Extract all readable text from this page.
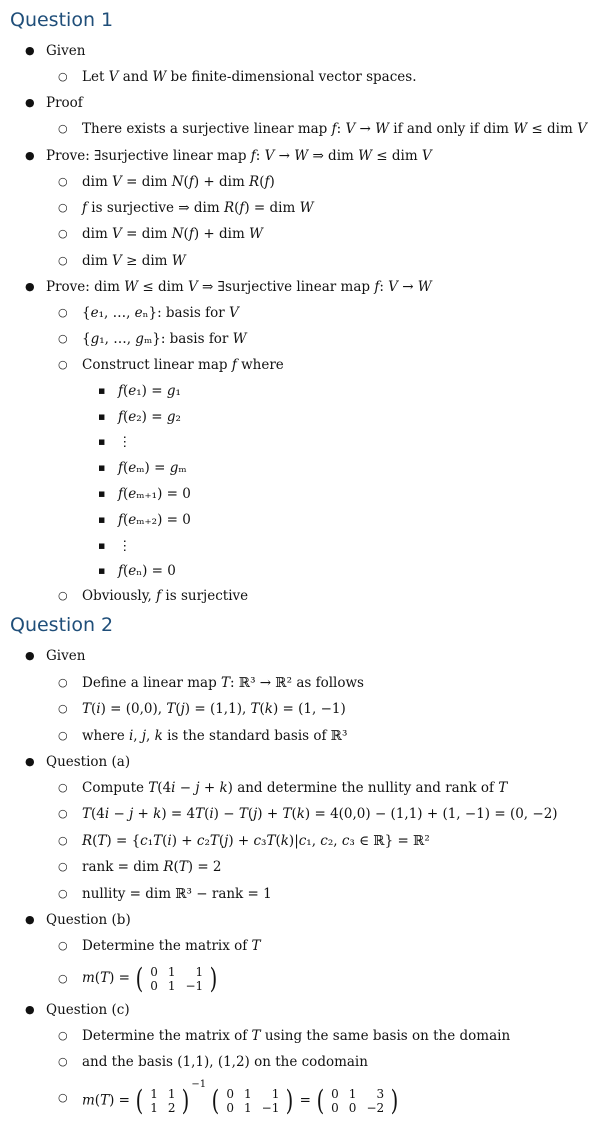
Question 1
● Given
○ Let 𝑉 and 𝑊 be finite-dimensional vector spaces.
● Proof
○ There exists a surjective linear map 𝑓: 𝑉 → 𝑊 if and only if dim 𝑊 ≤ dim 𝑉
● Prove: ∃surjective linear map 𝑓: 𝑉 → 𝑊 ⇒ dim 𝑊 ≤ dim 𝑉
○ dim 𝑉 = dim 𝑁(𝑓) + dim 𝑅(𝑓)
○ 𝑓 is surjective ⇒ dim 𝑅(𝑓) = dim 𝑊
○ dim 𝑉 = dim 𝑁(𝑓) + dim 𝑊
○ dim 𝑉 ≥ dim 𝑊
● Prove: dim 𝑊 ≤ dim 𝑉 ⇒ ∃surjective linear map 𝑓: 𝑉 → 𝑊
○ {𝑒₁, …, 𝑒ₙ}: basis for 𝑉
○ {𝑔₁, …, 𝑔ₘ}: basis for 𝑊
○ Construct linear map 𝑓 where
▪ 𝑓(𝑒₁) = 𝑔₁
▪ 𝑓(𝑒₂) = 𝑔₂
▪ ⋮
▪ 𝑓(𝑒ₘ) = 𝑔ₘ
▪ 𝑓(𝑒ₘ₊₁) = 0
▪ 𝑓(𝑒ₘ₊₂) = 0
▪ ⋮
▪ 𝑓(𝑒ₙ) = 0
○ Obviously, 𝑓 is surjective
Question 2
● Given
○ Define a linear map 𝑇: ℝ³ → ℝ² as follows
○ 𝑇(𝑖) = (0,0), 𝑇(𝑗) = (1,1), 𝑇(𝑘) = (1, −1)
○ where 𝑖, 𝑗, 𝑘 is the standard basis of ℝ³
● Question (a)
○ Compute 𝑇(4𝑖 − 𝑗 + 𝑘) and determine the nullity and rank of 𝑇
○ 𝑇(4𝑖 − 𝑗 + 𝑘) = 4𝑇(𝑖) − 𝑇(𝑗) + 𝑇(𝑘) = 4(0,0) − (1,1) + (1, −1) = (0, −2)
○ 𝑅(𝑇) = {𝑐₁𝑇(𝑖) + 𝑐₂𝑇(𝑗) + 𝑐₃𝑇(𝑘)|𝑐₁, 𝑐₂, 𝑐₃ ∈ ℝ} = ℝ²
○ rank = dim 𝑅(𝑇) = 2
○ nullity = dim ℝ³ − rank = 1
● Question (b)
○ Determine the matrix of 𝑇
○ 𝑚(𝑇) = ( 0	1	1
0	1	−1 )
● Question (c)
○ Determine the matrix of 𝑇 using the same basis on the domain
○ and the basis (1,1), (1,2) on the codomain
○ 𝑚(𝑇) = ( 1	1
1	2 ) $^{-1}$ ( 0	1	1
0	1	−1 ) = ( 0	1	3
0	0	−2 )
